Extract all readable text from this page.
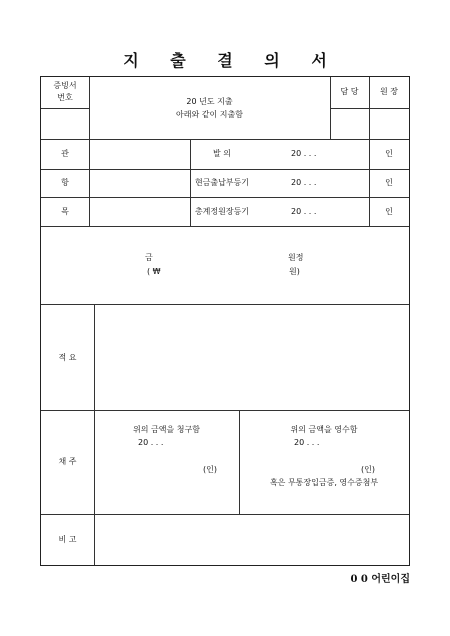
지 출 결 의 서
증빙서
번호	20 년도 지출
아래와 같이 지출함
담 당	원 장
관	발 의	20 . . .	인
항	현금출납부등기	20 . . .	인
목	총계정원장등기	20 . . .	인
금	원정
( ₩	원)
적 요
채 주
위의 금액을 청구함
20 . . .
(인)
위의 금액을 영수함
20 . . .
(인)
혹은 무통장입금증, 영수증첨부
비 고
0 0 어린이집
